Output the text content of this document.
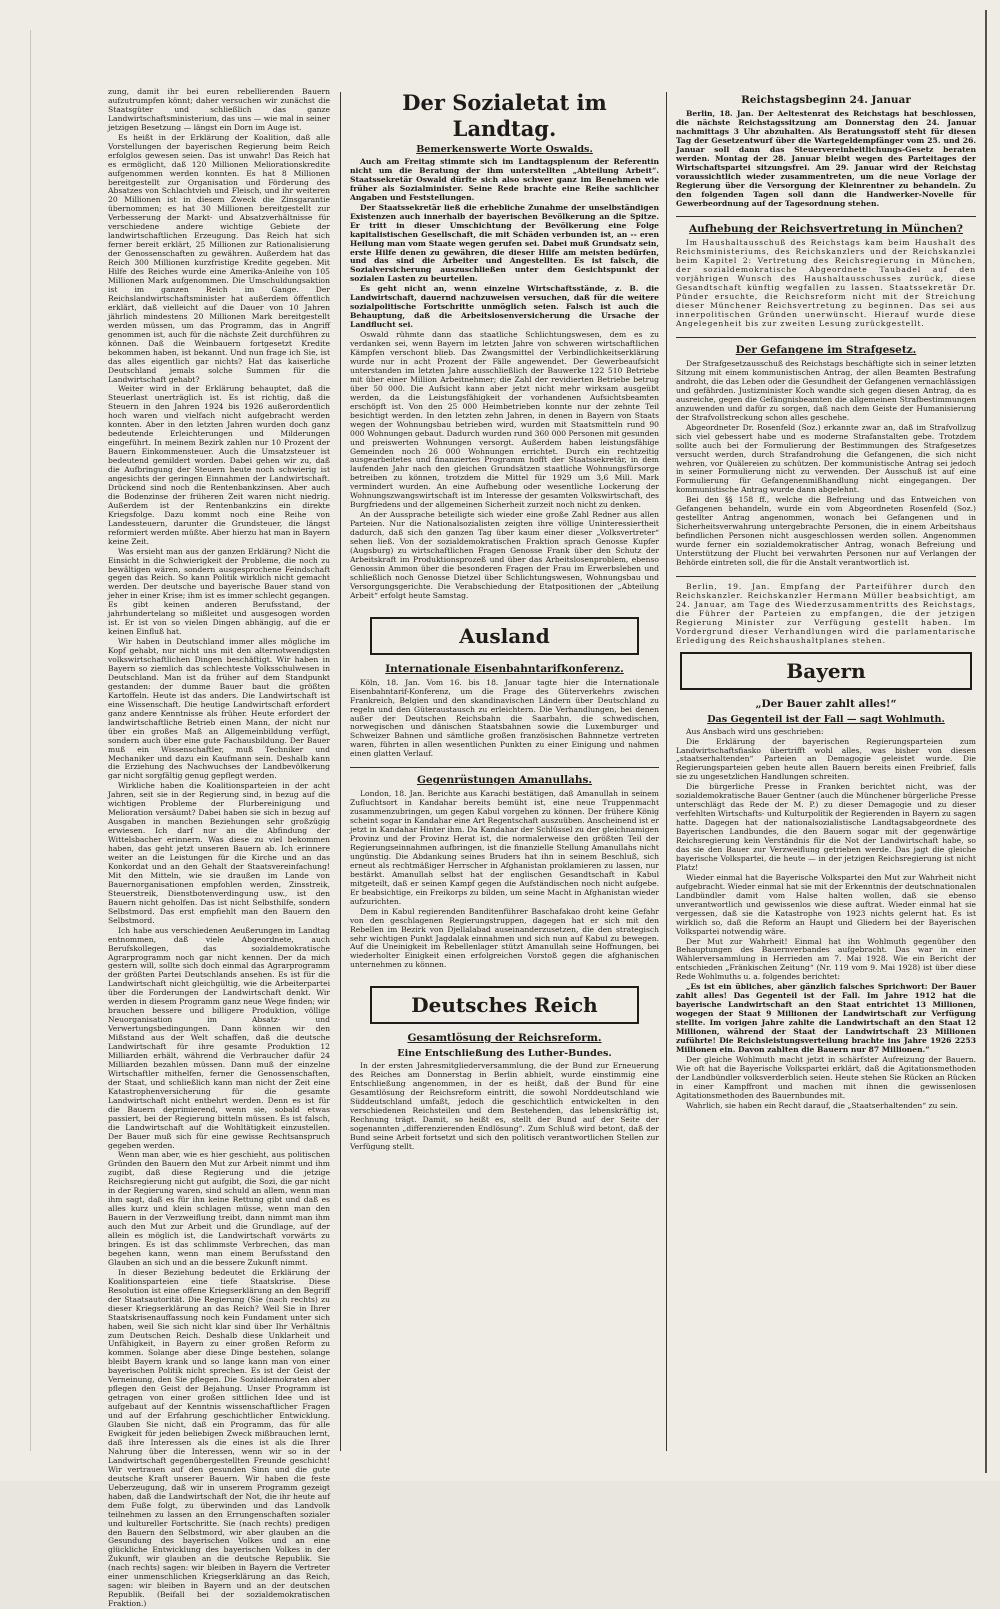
zung, damit ihr bei euren rebellierenden Bauern aufzutrumpfen könnt; daher versuchen wir zunächst die Staatsgüter und schließlich das ganze Landwirtschaftsministerium, das uns — wie mal in seiner jetzigen Besetzung — längst ein Dorn im Auge ist.

Es heißt in der Erklärung der Koalition, daß alle Vorstellungen der bayerischen Regierung beim Reich erfolglos gewesen seien. Das ist unwahr! Das Reich hat es ermöglicht, daß 120 Millionen Meliorationskredite aufgenommen werden konnten. Es hat 8 Millionen bereitgestellt zur Organisation und Förderung des Absatzes von Schlachtvieh und Fleisch, und ihr weiteren 20 Millionen ist in diesem Zweck die Zinsgarantie übernommen; es hat 30 Millionen bereitgestellt zur Verbesserung der Markt- und Absatzverhältnisse für verschiedene andere wichtige Gebiete der landwirtschaftlichen Erzeugung. Das Reich hat sich ferner bereit erklärt, 25 Millionen zur Rationalisierung der Genossenschaften zu gewähren. Außerdem hat das Reich 300 Millionen kurzfristige Kredite gegeben. Mit Hilfe des Reiches wurde eine Amerika-Anleihe von 105 Millionen Mark aufgenommen. Die Umschuldungsaktion ist im ganzen Reich im Gange. Der Reichslandwirtschaftsminister hat außerdem öffentlich erklärt, daß vielleicht auf die Dauer von 10 Jahren jährlich mindestens 20 Millionen Mark bereitgestellt werden müssen, um das Programm, das in Angriff genommen ist, auch für die nächste Zeit durchführen zu können. Daß die Weinbauern fortgesetzt Kredite bekommen haben, ist bekannt. Und nun frage ich Sie, ist das alles eigentlich gar nichts? Hat das kaiserliche Deutschland jemals solche Summen für die Landwirtschaft gehabt?

Weiter wird in der Erklärung behauptet, daß die Steuerlast unerträglich ist. Es ist richtig, daß die Steuern in den Jahren 1924 bis 1926 außerordentlich hoch waren und vielfach nicht aufgebracht werden konnten. Aber in den letzten Jahren wurden doch ganz bedeutende Erleichterungen und Milderungen eingeführt. In meinem Bezirk zahlen nur 10 Prozent der Bauern Einkommensteuer. Auch die Umsatzsteuer ist bedeutend gemildert worden. Dabei gehen wir zu, daß die Aufbringung der Steuern heute noch schwierig ist angesichts der geringen Einnahmen der Landwirtschaft. Drückend sind noch die Rentenbankzinsen. Aber auch die Bodenzinse der früheren Zeit waren nicht niedrig. Außerdem ist der Rentenbankzins ein direkte Kriegsfolge. Dazu kommt noch eine Reihe von Landessteuern, darunter die Grundsteuer, die längst reformiert werden müßte. Aber hierzu hat man in Bayern keine Zeit.

Was ersieht man aus der ganzen Erklärung? Nicht die Einsicht in die Schwierigkeit der Probleme, die noch zu bewältigen wären, sondern ausgesprochene Feindschaft gegen das Reich. So kann Politik wirklich nicht gemacht werden. Der deutsche und bayerische Bauer stand von jeher in einer Krise; ihm ist es immer schlecht gegangen. Es gibt keinen anderen Berufsstand, der jahrhundertelang so mißleitet und ausgesogen worden ist. Er ist von so vielen Dingen abhängig, auf die er keinen Einfluß hat.

Wir haben in Deutschland immer alles mögliche im Kopf gehabt, nur nicht uns mit den alternotwendigsten volkswirtschaftlichen Dingen beschäftigt. Wir haben in Bayern so ziemlich das schlechteste Volksschulwesen in Deutschland. Man ist da früher auf dem Standpunkt gestanden: der dumme Bauer baut die größten Kartoffeln. Heute ist das anders. Die Landwirtschaft ist eine Wissenschaft. Die heutige Landwirtschaft erfordert ganz andere Kenntnisse als früher. Heute erfordert der landwirtschaftliche Betrieb einen Mann, der nicht nur über ein großes Maß an Allgemeinbildung verfügt, sondern auch über eine gute Fachausbildung. Der Bauer muß ein Wissenschaftler, muß Techniker und Mechaniker und dazu ein Kaufmann sein. Deshalb kann die Erziehung des Nachwuchses der Landbevölkerung gar nicht sorgfältig genug gepflegt werden.

Wirkliche haben die Koalitionsparteien in der acht Jahren, seit sie in der Regierung sind, in bezug auf die wichtigen Probleme der Flurbereinigung und Melioration versäumt? Dabei haben sie sich in bezug auf Ausgaben in manchen Beziehungen sehr großzügig erwiesen. Ich darf nur an die Abfindung der Wittelsbacher erinnern. Was diese zu viel bekommen haben, das geht jetzt unseren Bauern ab. Ich erinnere weiter an die Leistungen für die Kirche und an das Konkordat und an den Gehalt der Staatsvereinfachung! Mit den Mitteln, wie sie draußen im Lande von Bauernorganisationen empfohlen werden, Zinsstreik, Steuerstreik, Dienstbotenverdingung usw., ist den Bauern nicht geholfen. Das ist nicht Selbsthilfe, sondern Selbstmord. Das erst empfiehlt man den Bauern den Selbstmord.

Ich habe aus verschiedenen Aeußerungen im Landtag entnommen, daß viele Abgeordnete, auch Berufskollegen, das sozialdemokratische Agrarprogramm noch gar nicht kennen. Der da mich gestern will, sollte sich doch einmal das Agrarprogramm der größten Partei Deutschlands ansehen. Es ist für die Landwirtschaft nicht gleichgültig, wie die Arbeiterpartei über die Forderungen der Landwirtschaft denkt. Wir werden in diesem Programm ganz neue Wege finden; wir brauchen bessere und billigere Produktion, völlige Neuorganisation im Absatz- und Verwertungsbedingungen. Dann können wir den Mißstand aus der Welt schaffen, daß die deutsche Landwirtschaft für ihre gesamte Produktion 12 Milliarden erhält, während die Verbraucher dafür 24 Milliarden bezahlen müssen. Dann muß der einzelne Wirtschaftler mithelfen, ferner die Genossenschaften, der Staat, und schließlich kann man nicht der Zeit eine Katastrophenversicherung für die gesamte Landwirtschaft nicht entbehrt werden. Denn es ist für die Bauern deprimierend, wenn sie, sobald etwas passiert, bei der Regierung bitteln müssen. Es ist falsch, die Landwirtschaft auf die Wohltätigkeit einzustellen. Der Bauer muß sich für eine gewisse Rechtsanspruch gegeben werden.

Wenn man aber, wie es hier geschieht, aus politischen Gründen den Bauern den Mut zur Arbeit nimmt und ihm zugibt, daß diese Regierung und die jetzige Reichsregierung nicht gut aufgibt, die Sozi, die gar nicht in der Regierung waren, sind schuld an allem, wenn man ihm sagt, daß es für ihn keine Rettung gibt und daß es alles kurz und klein schlagen müsse, wenn man den Bauern in der Verzweiflung treibt, dann nimmt man ihm auch den Mut zur Arbeit und die Grundlage, auf der allein es möglich ist, die Landwirtschaft vorwärts zu bringen. Es ist das schlimmste Verbrechen, das man begehen kann, wenn man einem Berufsstand den Glauben an sich und an die bessere Zukunft nimmt.

In dieser Beziehung bedeutet die Erklärung der Koalitionsparteien eine tiefe Staatskrise. Diese Resolution ist eine offene Kriegserklärung an den Begriff der Staatsautorität. Die Regierung (Sie (nach rechts) zu dieser Kriegserklärung an das Reich? Weil Sie in Ihrer Staatskrisenauffassung noch kein Fundament unter sich haben, weil Sie sich nicht klar sind über Ihr Verhältnis zum Deutschen Reich. Deshalb diese Unklarheit und Unfähigkeit, in Bayern zu einer großen Reform zu kommen. Solange aber diese Dinge bestehen, solange bleibt Bayern krank und so lange kann man von einer bayerischen Politik nicht sprechen. Es ist der Geist der Verneinung, den Sie pflegen. Die Sozialdemokraten aber pflegen den Geist der Bejahung. Unser Programm ist getragen von einer großen sittlichen Idee und ist aufgebaut auf der Kenntnis wissenschaftlicher Fragen und auf der Erfahrung geschichtlicher Entwicklung. Glauben Sie nicht, daß ein Programm, das für alle Ewigkeit für jeden beliebigen Zweck mißbrauchen lernt, daß ihre Interessen als die eines ist als die Ihrer Nahrung über die Interessen, wenn wir so in der Landwirtschaft gegenübergestellten Freunde geschicht! Wir vertrauen auf den gesunden Sinn und die gute deutsche Kraft unserer Bauern. Wir haben die feste Ueberzeugung, daß wir in unserem Programm gezeigt haben, daß die Landwirtschaft der Not, die ihr heute auf dem Fuße folgt, zu überwinden und das Landvolk teilnehmen zu lassen an den Errungenschaften sozialer und kultureller Fortschritte. Sie (nach rechts) predigen den Bauern den Selbstmord, wir aber glauben an die Gesundung des bayerischen Volkes und an eine glückliche Entwicklung des bayerischen Volkes in der Zukunft, wir glauben an die deutsche Republik. Sie (nach rechts) sagen: wir bleiben in Bayern die Vertreter einer unmenschlichen Kriegserklärung an das Reich, sagen: wir bleiben in Bayern und an der deutschen Republik. (Beifall bei der sozialdemokratischen Fraktion.)

Der Sozialetat im Landtag.
Bemerkenswerte Worte Oswalds.

Auch am Freitag stimmte sich im Landtagsplenum der Referentin nicht um die Beratung der ihm unterstellten „Abteilung Arbeit“. Staatssekretär Oswald dürfte sich also schwer ganz im Benehmen wie früher als Sozialminister. Seine Rede brachte eine Reihe sachlicher Angaben und Feststellungen.

Der Staatssekretär ließ die erhebliche Zunahme der unselbständigen Existenzen auch innerhalb der bayerischen Bevölkerung an die Spitze. Er tritt in dieser Umschichtung der Bevölkerung eine Folge kapitalistischen Gesellschaft, die mit Schäden verbunden ist, an -- eren Heilung man vom Staate wegen gerufen sei. Dabei muß Grundsatz sein, erste Hilfe denen zu gewähren, die dieser Hilfe am meisten bedürfen, und das sind die Arbeiter und Angestellten. Es ist falsch, die Sozialversicherung auszuschließen unter dem Gesichtspunkt der sozialen Lasten zu beurteilen.

Es geht nicht an, wenn einzelne Wirtschaftsstände, z. B. die Landwirtschaft, dauernd nachzuweisen versuchen, daß für die weitere sozialpolitische Fortschritte unmöglich seien. Falsch ist auch die Behauptung, daß die Arbeitslosenversicherung die Ursache der Landflucht sei.

Oswald rühmte dann das staatliche Schlichtungswesen, dem es zu verdanken sei, wenn Bayern im letzten Jahre von schweren wirtschaftlichen Kämpfen verschont blieb. Das Zwangsmittel der Verbindlichkeitserklärung wurde nur in acht Prozent der Fälle angewendet. Der Gewerbeaufsicht unterstanden im letzten Jahre ausschließlich der Bauwerke 122 510 Betriebe mit über einer Million Arbeitnehmer; die Zahl der revidierten Betriebe betrug über 50 000. Die Aufsicht kann aber jetzt nicht mehr wirksam ausgeübt werden, da die Leistungsfähigkeit der vorhandenen Aufsichtsbeamten erschöpft ist. Von den 25 000 Heimbetrieben konnte nur der zehnte Teil besichtigt werden. In den letzten zehn Jahren, in denen in Bayern von Staats wegen der Wohnungsbau betrieben wird, wurden mit Staatsmitteln rund 90 000 Wohnungen gebaut. Dadurch wurden rund 360 000 Personen mit gesunden und preiswerten Wohnungen versorgt. Außerdem haben leistungsfähige Gemeinden noch 26 000 Wohnungen errichtet. Durch ein rechtzeitig ausgearbeitetes und finanziertes Programm hofft der Staatssekretär, in dem laufenden Jahr nach den gleichen Grundsätzen staatliche Wohnungsfürsorge betreiben zu können, trotzdem die Mittel für 1929 um 3,6 Mill. Mark vermindert wurden. An eine Aufhebung oder wesentliche Lockerung der Wohnungszwangswirtschaft ist im Interesse der gesamten Volkswirtschaft, des Burgfriedens und der allgemeinen Sicherheit zurzeit noch nicht zu denken.

An der Aussprache beteiligte sich wieder eine große Zahl Redner aus allen Parteien. Nur die Nationalsozialisten zeigten ihre völlige Uninteressiertheit dadurch, daß sich den ganzen Tag über kaum einer dieser „Volksvertreter“ sehen ließ. Von der sozialdemokratischen Fraktion sprach Genosse Kupfer (Augsburg) zu wirtschaftlichen Fragen Genosse Frank über den Schutz der Arbeitskraft im Produktionsprozeß und über das Arbeitslosenproblem, ebenso Genossin Ammon über die besonderen Fragen der Frau im Erwerbsleben und schließlich noch Genosse Dietzel über Schlichtungswesen, Wohnungsbau und Versorgungsgerichte. Die Verabschiedung der Etatpositionen der „Abteilung Arbeit“ erfolgt heute Samstag.

Ausland
Internationale Eisenbahntarifkonferenz.

Köln, 18. Jan. Vom 16. bis 18. Januar tagte hier die Internationale Eisenbahntarif-Konferenz, um die Frage des Güterverkehrs zwischen Frankreich, Belgien und den skandinavischen Ländern über Deutschland zu regeln und den Güteraustausch zu erleichtern. Die Verhandlungen, bei denen außer der Deutschen Reichsbahn die Saarbahn, die schwedischen, norwegischen und dänischen Staatsbahnen sowie die Luxemburger und Schweizer Bahnen und sämtliche großen französischen Bahnnetze vertreten waren, führten in allen wesentlichen Punkten zu einer Einigung und nahmen einen glatten Verlauf.

Gegenrüstungen Amanullahs.

London, 18. Jan. Berichte aus Karachi bestätigen, daß Amanullah in seinem Zufluchtsort in Kandahar bereits bemüht ist, eine neue Truppenmacht zusammenzubringen, um gegen Kabul vorgehen zu können. Der frühere König scheint sogar in Kandahar eine Art Regentschaft auszuüben. Anscheinend ist er jetzt in Kandahar Hinter ihm. Da Kandahar der Schlüssel zu der gleichnamigen Provinz und der Provinz Herat ist, die normalerweise den größten Teil der Regierungseinnahmen aufbringen, ist die finanzielle Stellung Amanullahs nicht ungünstig. Die Abdankung seines Bruders hat ihn in seinem Beschluß, sich erneut als rechtmäßiger Herrscher in Afghanistan proklamieren zu lassen, nur bestärkt. Amanullah selbst hat der englischen Gesandtschaft in Kabul mitgeteilt, daß er seinen Kampf gegen die Aufständischen noch nicht aufgebe. Er beabsichtige, ein Freikorps zu bilden, um seine Macht in Afghanistan wieder aufzurichten.

Dem in Kabul regierenden Banditenführer Baschafakao droht keine Gefahr von den geschlagenen Regierungstruppen, dagegen hat er sich mit den Rebellen im Bezirk von Djellalabad auseinanderzusetzen, die den strategisch sehr wichtigen Punkt Jagdalak einnahmen und sich nun auf Kabul zu bewegen. Auf die Uneinigkeit im Rebellenlager stützt Amanullah seine Hoffnungen, bei wiederholter Einigkeit einen erfolgreichen Vorstoß gegen die afghanischen unternehmen zu können.

Deutsches Reich
Gesamtlösung der Reichsreform.
Eine Entschließung des Luther-Bundes.

In der ersten Jahresmitgliederversammlung, die der Bund zur Erneuerung des Reiches am Donnerstag in Berlin abhielt, wurde einstimmig eine Entschließung angenommen, in der es heißt, daß der Bund für eine Gesamtlösung der Reichsreform eintritt, die sowohl Norddeutschland wie Süddeutschland umfaßt, jedoch die geschichtlich entwickelten in den verschiedenen Reichsteilen und dem Bestehenden, das lebenskräftig ist, Rechnung trägt. Damit, so heißt es, stellt der Bund auf der Seite der sogenannten „differenzierenden Endlösung“. Zum Schluß wird betont, daß der Bund seine Arbeit fortsetzt und sich den politisch verantwortlichen Stellen zur Verfügung stellt.

Reichstagsbeginn 24. Januar

Berlin, 18. Jan. Der Aeltestenrat des Reichstags hat beschlossen, die nächste Reichstagssitzung am Donnerstag den 24. Januar nachmittags 3 Uhr abzuhalten. Als Beratungsstoff steht für diesen Tag der Gesetzentwurf über die Wartegeldempfänger vom 25. und 26. Januar soll dann das Steuervereinheitlichungs-Gesetz beraten werden. Montag der 28. Januar bleibt wegen des Parteitages der Wirtschaftspartei sitzungsfrei. Am 29. Januar wird der Reichstag voraussichtlich wieder zusammentreten, um die neue Vorlage der Regierung über die Versorgung der Kleinrentner zu behandeln. Zu den folgenden Tagen soll dann die Handwerker-Novelle für Gewerbeordnung auf der Tagesordnung stehen.

Aufhebung der Reichsvertretung in München?

Im Haushaltausschuß des Reichstags kam beim Haushalt des Reichsministeriums, des Reichskanzlers und der Reichskanzlei beim Kapitel 2: Vertretung des Reichsregierung in München, der sozialdemokratische Abgeordnete Taubadel auf den vorjährigen Wunsch des Haushaltausschusses zurück, diese Gesandtschaft künftig wegfallen zu lassen. Staatssekretär Dr. Pünder ersuchte, die Reichsreform nicht mit der Streichung dieser Münchener Reichsvertretung zu beginnen. Das sei aus innerpolitischen Gründen unerwünscht. Hierauf wurde diese Angelegenheit bis zur zweiten Lesung zurückgestellt.

Der Gefangene im Strafgesetz.

Der Strafgesetzausschuß des Reichstags beschäftigte sich in seiner letzten Sitzung mit einem kommunistischen Antrag, der allen Beamten Bestrafung androht, die das Leben oder die Gesundheit der Gefangenen vernachlässigen und gefährden. Justizminister Koch wandte sich gegen diesen Antrag, da es ausreiche, gegen die Gefängnisbeamten die allgemeinen Strafbestimmungen anzuwenden und dafür zu sorgen, daß nach dem Geiste der Humanisierung der Strafvollstreckung schon alles geschehe.

Abgeordneter Dr. Rosenfeld (Soz.) erkannte zwar an, daß im Strafvollzug sich viel gebessert habe und es moderne Strafanstalten gebe. Trotzdem sollte auch bei der Formulierung der Bestimmungen des Strafgesetzes versucht werden, durch Strafandrohung die Gefangenen, die sich nicht wehren, vor Quälereien zu schützen. Der kommunistische Antrag sei jedoch in seiner Formulierung nicht zu verwenden. Der Ausschuß ist auf eine Formulierung für Gefangenenmißhandlung nicht eingegangen. Der kommunistische Antrag wurde dann abgelehnt.

Bei den §§ 158 ff., welche die Befreiung und das Entweichen von Gefangenen behandeln, wurde ein vom Abgeordneten Rosenfeld (Soz.) gestellter Antrag angenommen, wonach bei Gefangenen und in Sicherheitsverwahrung untergebrachte Personen, die in einem Arbeitshaus befindlichen Personen nicht ausgeschlossen werden sollen. Angenommen wurde ferner ein sozialdemokratischer Antrag, wonach Befreiung und Unterstützung der Flucht bei verwahrten Personen nur auf Verlangen der Behörde eintreten soll, die für die Anstalt verantwortlich ist.

Berlin, 19. Jan. Empfang der Parteiführer durch den Reichskanzler. Reichskanzler Hermann Müller beabsichtigt, am 24. Januar, am Tage des Wiederzusammentritts des Reichstags, die Führer der Parteien zu empfangen, die der jetzigen Regierung Minister zur Verfügung gestellt haben. Im Vordergrund dieser Verhandlungen wird die parlamentarische Erledigung des Reichshaushaltplanes stehen.

Bayern
„Der Bauer zahlt alles!“
Das Gegenteil ist der Fall — sagt Wohlmuth.

Aus Ansbach wird uns geschrieben:

Die Erklärung der bayerischen Regierungsparteien zum Landwirtschaftsfiasko übertrifft wohl alles, was bisher von diesen „staatserhaltenden“ Parteien an Demagogie geleistet wurde. Die Regierungsparteien geben heute allen Bauern bereits einen Freibrief, falls sie zu ungesetzlichen Handlungen schreiten.

Die bürgerliche Presse in Franken berichtet nicht, was der sozialdemokratische Bauer Gentner (auch die Münchener bürgerliche Presse unterschlägt das Rede der M. P.) zu dieser Demagogie und zu dieser verfehlten Wirtschafts- und Kulturpolitik der Regierenden in Bayern zu sagen hatte. Dagegen hat der nationalsozialistische Landtagsabgeordnete des Bayerischen Landbundes, die den Bauern sogar mit der gegenwärtige Reichsregierung kein Verständnis für die Not der Landwirtschaft habe, so das sie den Bauer zur Verzweiflung getrieben werde. Das jagt die gleiche bayerische Volkspartei, die heute — in der jetzigen Reichsregierung ist nicht Platz!

Wieder einmal hat die Bayerische Volkspartei den Mut zur Wahrheit nicht aufgebracht. Wieder einmal hat sie mit der Erkenntnis der deutschnationalen Landbündler damit vom Halse halten wollen, daß sie ebenso unverantwortlich und gewissenlos wie diese auftrat. Wieder einmal hat sie vergessen, daß sie die Katastrophe von 1923 nichts gelernt hat. Es ist wirklich so, daß die Reform an Haupt und Gliedern bei der Bayerischen Volkspartei notwendig wäre.

Der Mut zur Wahrheit! Einmal hat ihn Wohlmuth gegenüber den Behauptungen des Bauernverbandes aufgebracht. Das war in einer Wählerversammlung in Herrieden am 7. Mai 1928. Wie ein Bericht der entschieden „Fränkischen Zeitung“ (Nr. 119 vom 9. Mai 1928) ist über diese Rede Wohlmuths u. a. folgendes berichtet:

„Es ist ein übliches, aber gänzlich falsches Sprichwort: Der Bauer zahlt alles! Das Gegenteil ist der Fall. Im Jahre 1912 hat die bayerische Landwirtschaft an den Staat entrichtet 13 Millionen, wogegen der Staat 9 Millionen der Landwirtschaft zur Verfügung stellte. Im vorigen Jahre zahlte die Landwirtschaft an den Staat 12 Millionen, während der Staat der Landwirtschaft 23 Millionen zuführte! Die Reichsleistungsverteilung brachte ins Jahre 1926 2253 Millionen ein. Davon zahlten die Bauern nur 87 Millionen.“

Der gleiche Wohlmuth macht jetzt in schärfster Aufreizung der Bauern. Wie oft hat die Bayerische Volkspartei erklärt, daß die Agitationsmethoden der Landbündler volksverderblich seien. Heute stehen Sie Rücken an Rücken in einer Kampffront und machen mit ihnen die gewissenlosen Agitationsmethoden des Bauernbundes mit.

Wahrlich, sie haben ein Recht darauf, die „Staatserhaltenden“ zu sein.
